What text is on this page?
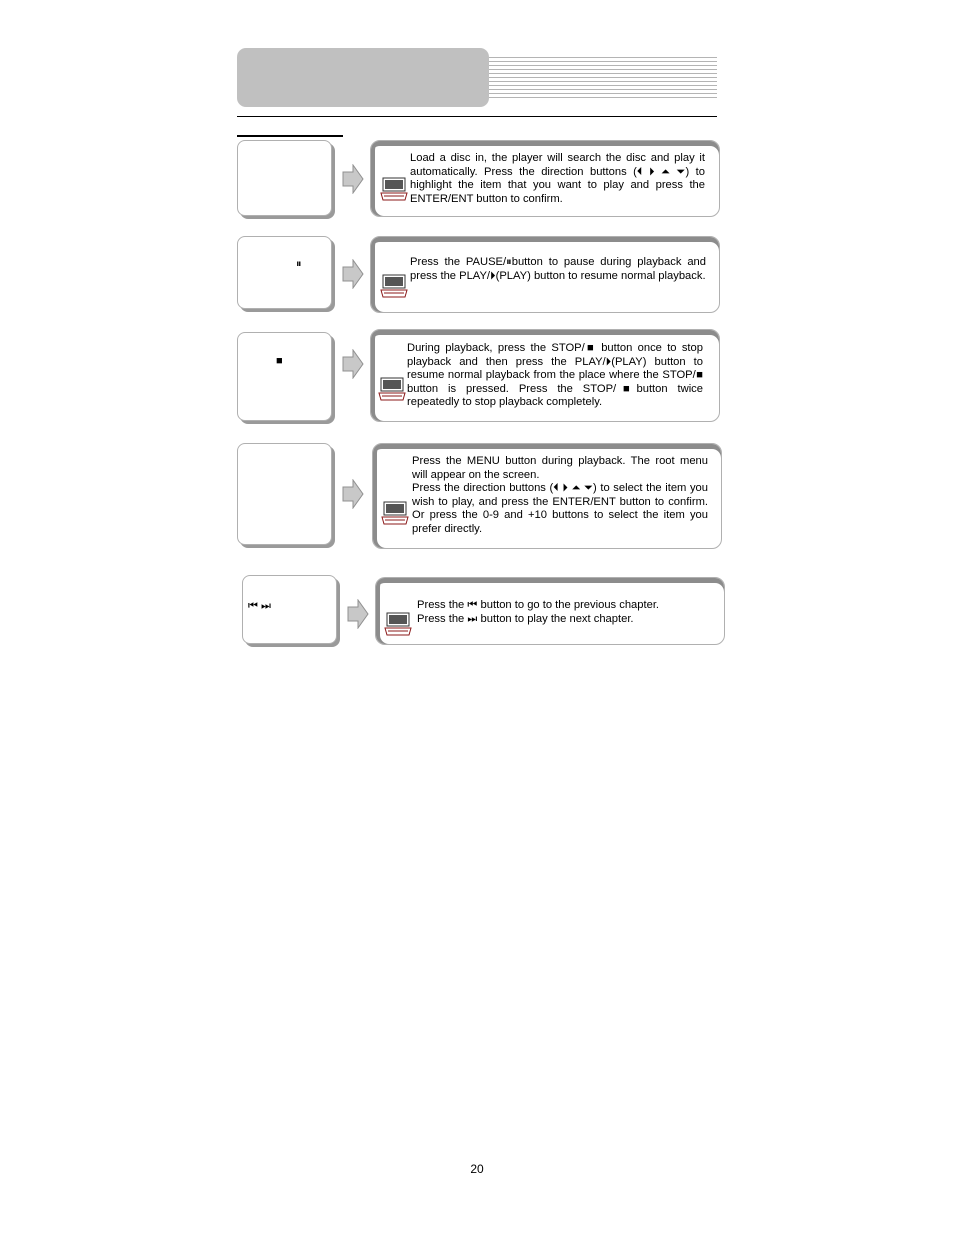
Load a disc in, the player will search the disc and play it automatically. Press the direction buttons (⏴ ⏵ ⏶ ⏷) to highlight the item that you want to play and press the ENTER/ENT button to confirm.

⏸	Press the PAUSE/⏸button to pause during playback and press the PLAY/⏵(PLAY) button to resume normal playback.

■

During playback, press the STOP/■ button once to stop playback and then press the PLAY/⏵(PLAY) button to resume normal playback from the place where the STOP/■ button is pressed. Press the STOP/■button twice repeatedly to stop playback completely.

Press the MENU button during playback. The root menu will appear on the screen.

Press the direction buttons (⏴ ⏵ ⏶ ⏷) to select the item you wish to play, and press the ENTER/ENT button to confirm. Or press the 0-9 and +10 buttons to select the item you prefer directly.

⏮ ⏭	Press the ⏮ button to go to the previous chapter.

Press the ⏭ button to play the next chapter.

20
